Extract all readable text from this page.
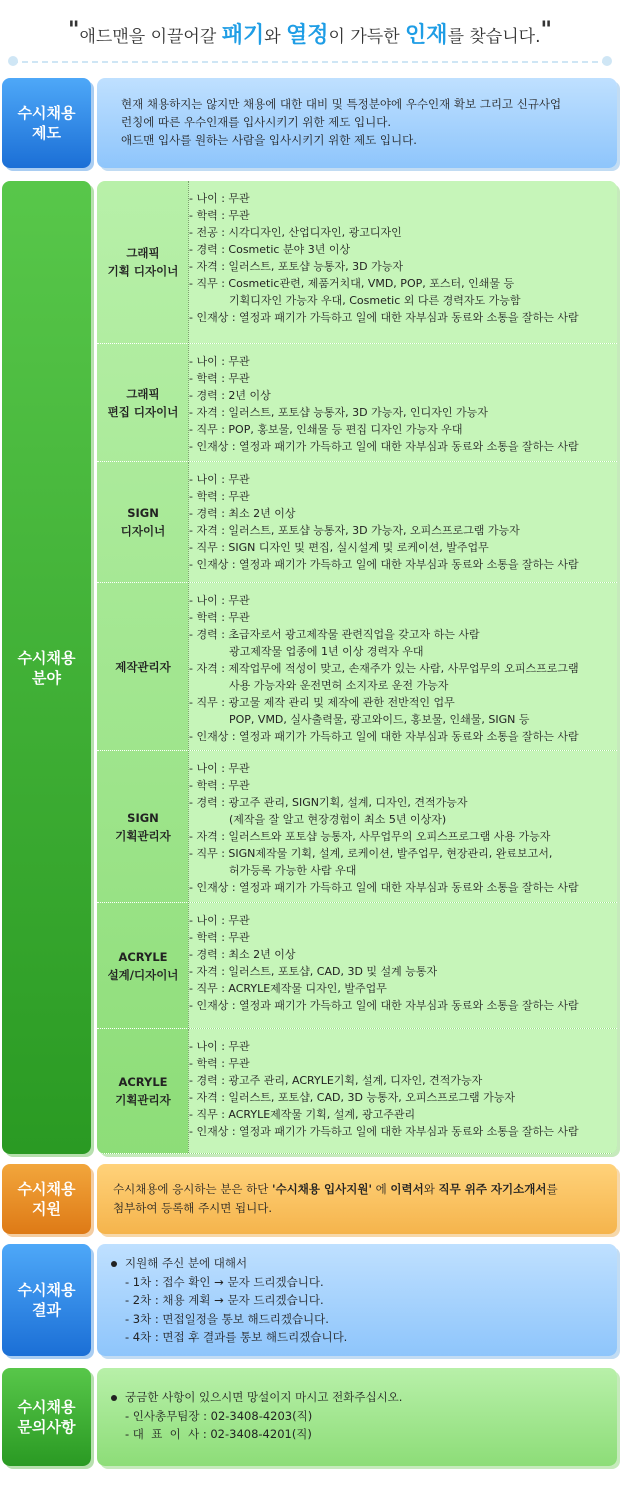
"애드맨을 이끌어갈 패기와 열정이 가득한 인재를 찾습니다."
수시채용
제도

현재 채용하지는 않지만 채용에 대한 대비 및 특정분야에 우수인재 확보 그리고 신규사업

런칭에 따른 우수인재를 입사시키기 위한 제도 입니다.

애드맨 입사를 원하는 사람을 입사시키기 위한 제도 입니다.

수시채용
분야
그래픽
기획 디자이너

- 나이 : 무관

- 학력 : 무관

- 전공 : 시각디자인, 산업디자인, 광고디자인

- 경력 : Cosmetic 분야 3년 이상

- 자격 : 일러스트, 포토샵 능통자, 3D 가능자

- 직무 : Cosmetic관련, 제품거치대, VMD, POP, 포스터, 인쇄물 등

기획디자인 가능자 우대, Cosmetic 외 다른 경력자도 가능함

- 인재상 : 열정과 패기가 가득하고 일에 대한 자부심과 동료와 소통을 잘하는 사람

그래픽
편집 디자이너

- 나이 : 무관

- 학력 : 무관

- 경력 : 2년 이상

- 자격 : 일러스트, 포토샵 능통자, 3D 가능자, 인디자인 가능자

- 직무 : POP, 홍보물, 인쇄물 등 편집 디자인 가능자 우대

- 인재상 : 열정과 패기가 가득하고 일에 대한 자부심과 동료와 소통을 잘하는 사람

SIGN
디자이너

- 나이 : 무관

- 학력 : 무관

- 경력 : 최소 2년 이상

- 자격 : 일러스트, 포토샵 능통자, 3D 가능자, 오피스프로그램 가능자

- 직무 : SIGN 디자인 및 편집, 실시설계 및 로케이션, 발주업무

- 인재상 : 열정과 패기가 가득하고 일에 대한 자부심과 동료와 소통을 잘하는 사람

제작관리자

- 나이 : 무관

- 학력 : 무관

- 경력 : 초급자로서 광고제작물 관련직업을 갖고자 하는 사람

광고제작물 업종에 1년 이상 경력자 우대

- 자격 : 제작업무에 적성이 맞고, 손재주가 있는 사람, 사무업무의 오피스프로그램

사용 가능자와 운전면허 소지자로 운전 가능자

- 직무 : 광고물 제작 관리 및 제작에 관한 전반적인 업무

POP, VMD, 실사출력물, 광고와이드, 홍보물, 인쇄물, SIGN 등

- 인재상 : 열정과 패기가 가득하고 일에 대한 자부심과 동료와 소통을 잘하는 사람

SIGN
기획관리자

- 나이 : 무관

- 학력 : 무관

- 경력 : 광고주 관리, SIGN기획, 설계, 디자인, 견적가능자

(제작을 잘 알고 현장경험이 최소 5년 이상자)

- 자격 : 일러스트와 포토샵 능통자, 사무업무의 오피스프로그램 사용 가능자

- 직무 : SIGN제작물 기획, 설계, 로케이션, 발주업무, 현장관리, 완료보고서,

허가등록 가능한 사람 우대

- 인재상 : 열정과 패기가 가득하고 일에 대한 자부심과 동료와 소통을 잘하는 사람

ACRYLE
설계/디자이너

- 나이 : 무관

- 학력 : 무관

- 경력 : 최소 2년 이상

- 자격 : 일러스트, 포토샵, CAD, 3D 및 설계 능통자

- 직무 : ACRYLE제작물 디자인, 발주업무

- 인재상 : 열정과 패기가 가득하고 일에 대한 자부심과 동료와 소통을 잘하는 사람

ACRYLE
기획관리자

- 나이 : 무관

- 학력 : 무관

- 경력 : 광고주 관리, ACRYLE기획, 설계, 디자인, 견적가능자

- 자격 : 일러스트, 포토샵, CAD, 3D 능통자, 오피스프로그램 가능자

- 직무 : ACRYLE제작물 기획, 설계, 광고주관리

- 인재상 : 열정과 패기가 가득하고 일에 대한 자부심과 동료와 소통을 잘하는 사람

수시채용
지원

수시채용에 응시하는 분은 하단 '수시채용 입사지원' 에 이력서와 직무 위주 자기소개서를

첨부하여 등록해 주시면 됩니다.

수시채용
결과

지원해 주신 분에 대해서

- 1차 : 접수 확인 → 문자 드리겠습니다.

- 2차 : 채용 계획 → 문자 드리겠습니다.

- 3차 : 면접일정을 통보 해드리겠습니다.

- 4차 : 면접 후 결과를 통보 해드리겠습니다.

수시채용
문의사항

궁금한 사항이 있으시면 망설이지 마시고 전화주십시오.

- 인사총무팀장 : 02-3408-4203(직)

- 대  표  이  사 : 02-3408-4201(직)
